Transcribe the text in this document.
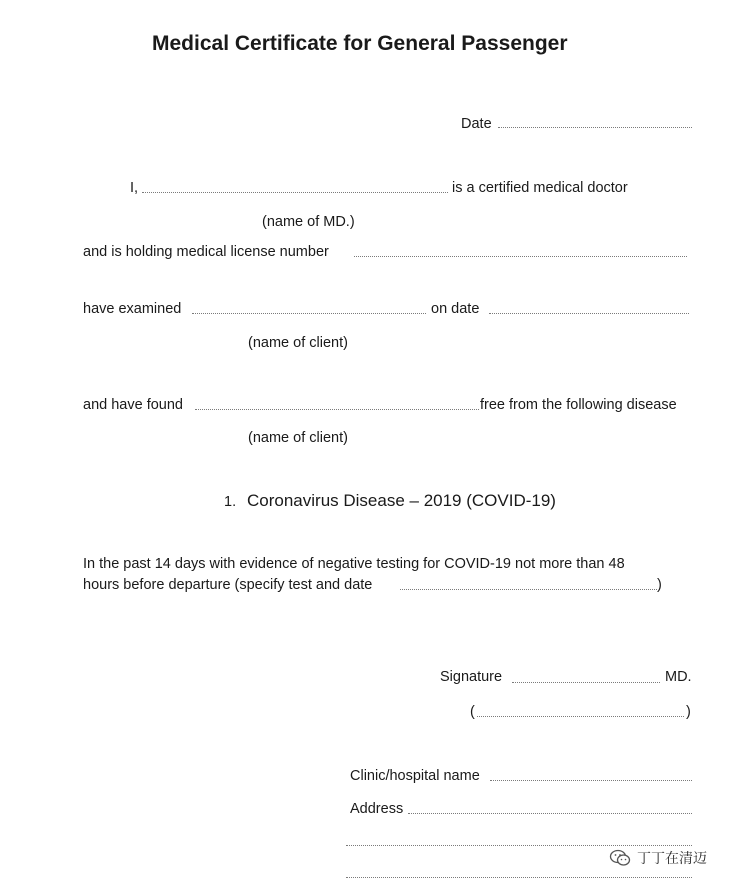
Medical Certificate for General Passenger
Date
I,	is a certified medical doctor
(name of MD.)
and is holding medical license number
have examined	on date
(name of client)
and have found	free from the following disease
(name of client)
1. Coronavirus Disease – 2019 (COVID-19)
In the past 14 days with evidence of negative testing for COVID-19 not more than 48
hours before departure (specify test and date	)
Signature	MD.
(	)
Clinic/hospital name
Address
丁丁在清迈
